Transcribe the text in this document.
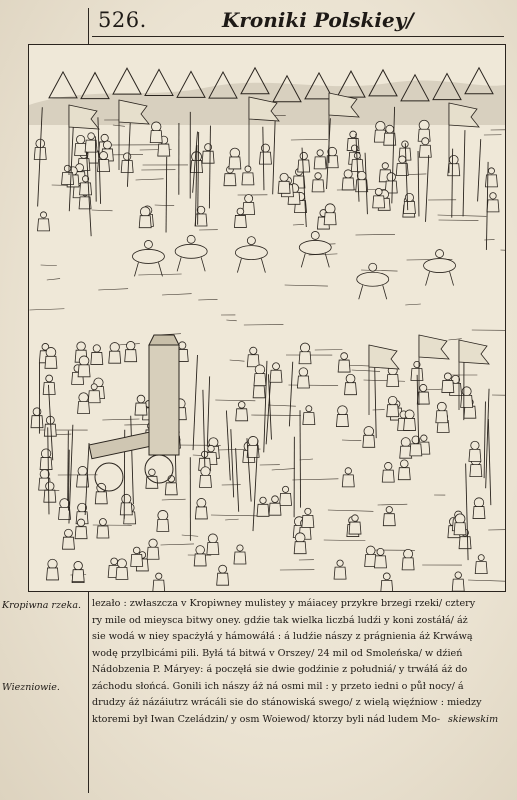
526.	Kroniki Polskiey/
Kropiwna rzeka.
Wiezniowie.
lezało : zwłaszcza v Kropiwney mulistey y máiacey przykre brzegi rzeki/ cztery
ry mile od mieysca bitwy oney. gdźie tak wielka liczbá ludźi y koni zostáłá/ áż
sie wodá w niey spacżyłá y hámowáłá : á ludźie nászy z prágnienia áż Krwáwą
wodę przylbicámi pili. Byłá tá bitwá v Orszey/ 24 mil od Smoleńska/ w dźień
Nádobzenia P. Máryey: á poczęłá sie dwie godźinie z południá/ y trwáłá áż do
záchodu słońcá. Gonili ich nászy áż ná osmi mil : y przeto iedni o půł nocy/ á
drudzy áż názáiutrz wrácáli sie do stánowiská swego/ z wielą więźniow : miedzy
ktoremi był Iwan Czeládzin/ y osm Woiewod/ ktorzy byli nád ludem Mo- skiewskim
